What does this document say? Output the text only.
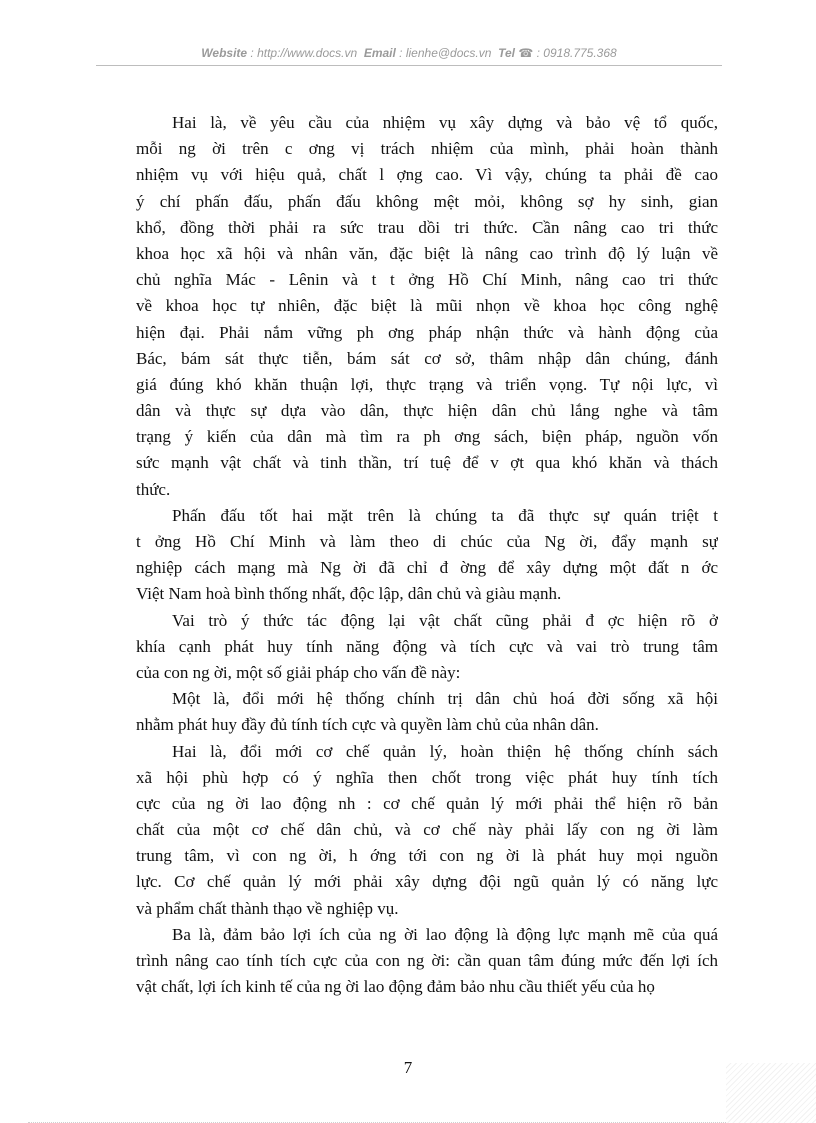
Website : http://www.docs.vn Email : lienhe@docs.vn Tel ☎ : 0918.775.368
Hai là, về yêu cầu của nhiệm vụ xây dựng và bảo vệ tổ quốc,
mỗi ng ời trên c ơng vị trách nhiệm của mình, phải hoàn thành
nhiệm vụ với hiệu quả, chất l ợng cao. Vì vậy, chúng ta phải đề cao
ý chí phấn đấu, phấn đấu không mệt mỏi, không sợ hy sinh, gian
khổ, đồng thời phải ra sức trau dồi tri thức. Cần nâng cao tri thức
khoa học xã hội và nhân văn, đặc biệt là nâng cao trình độ lý luận về
chủ nghĩa Mác - Lênin và t t ởng Hồ Chí Minh, nâng cao tri thức
về khoa học tự nhiên, đặc biệt là mũi nhọn về khoa học công nghệ
hiện đại. Phải nắm vững ph ơng pháp nhận thức và hành động của
Bác, bám sát thực tiễn, bám sát cơ sở, thâm nhập dân chúng, đánh
giá đúng khó khăn thuận lợi, thực trạng và triển vọng. Tự nội lực, vì
dân và thực sự dựa vào dân, thực hiện dân chủ lắng nghe và tâm
trạng ý kiến của dân mà tìm ra ph ơng sách, biện pháp, nguồn vốn
sức mạnh vật chất và tinh thần, trí tuệ để v ợt qua khó khăn và thách
thức.
Phấn đấu tốt hai mặt trên là chúng ta đã thực sự quán triệt t
t ởng Hồ Chí Minh và làm theo di chúc của Ng ời, đẩy mạnh sự
nghiệp cách mạng mà Ng ời đã chỉ đ ờng để xây dựng một đất n ớc
Việt Nam hoà bình thống nhất, độc lập, dân chủ và giàu mạnh.
Vai trò ý thức tác động lại vật chất cũng phải đ ợc hiện rõ ở
khía cạnh phát huy tính năng động và tích cực và vai trò trung tâm
của con ng ời, một số giải pháp cho vấn đề này:
Một là, đổi mới hệ thống chính trị dân chủ hoá đời sống xã hội
nhằm phát huy đầy đủ tính tích cực và quyền làm chủ của nhân dân.
Hai là, đổi mới cơ chế quản lý, hoàn thiện hệ thống chính sách
xã hội phù hợp có ý nghĩa then chốt trong việc phát huy tính tích
cực của ng ời lao động nh : cơ chế quản lý mới phải thể hiện rõ bản
chất của một cơ chế dân chủ, và cơ chế này phải lấy con ng ời làm
trung tâm, vì con ng ời, h ớng tới con ng ời là phát huy mọi nguồn
lực. Cơ chế quản lý mới phải xây dựng đội ngũ quản lý có năng lực
và phẩm chất thành thạo về nghiệp vụ.
Ba là, đảm bảo lợi ích của ng ời lao động là động lực mạnh mẽ của quá
trình nâng cao tính tích cực của con ng ời: cần quan tâm đúng mức đến lợi ích
vật chất, lợi ích kinh tế của ng ời lao động đảm bảo nhu cầu thiết yếu của họ
7
